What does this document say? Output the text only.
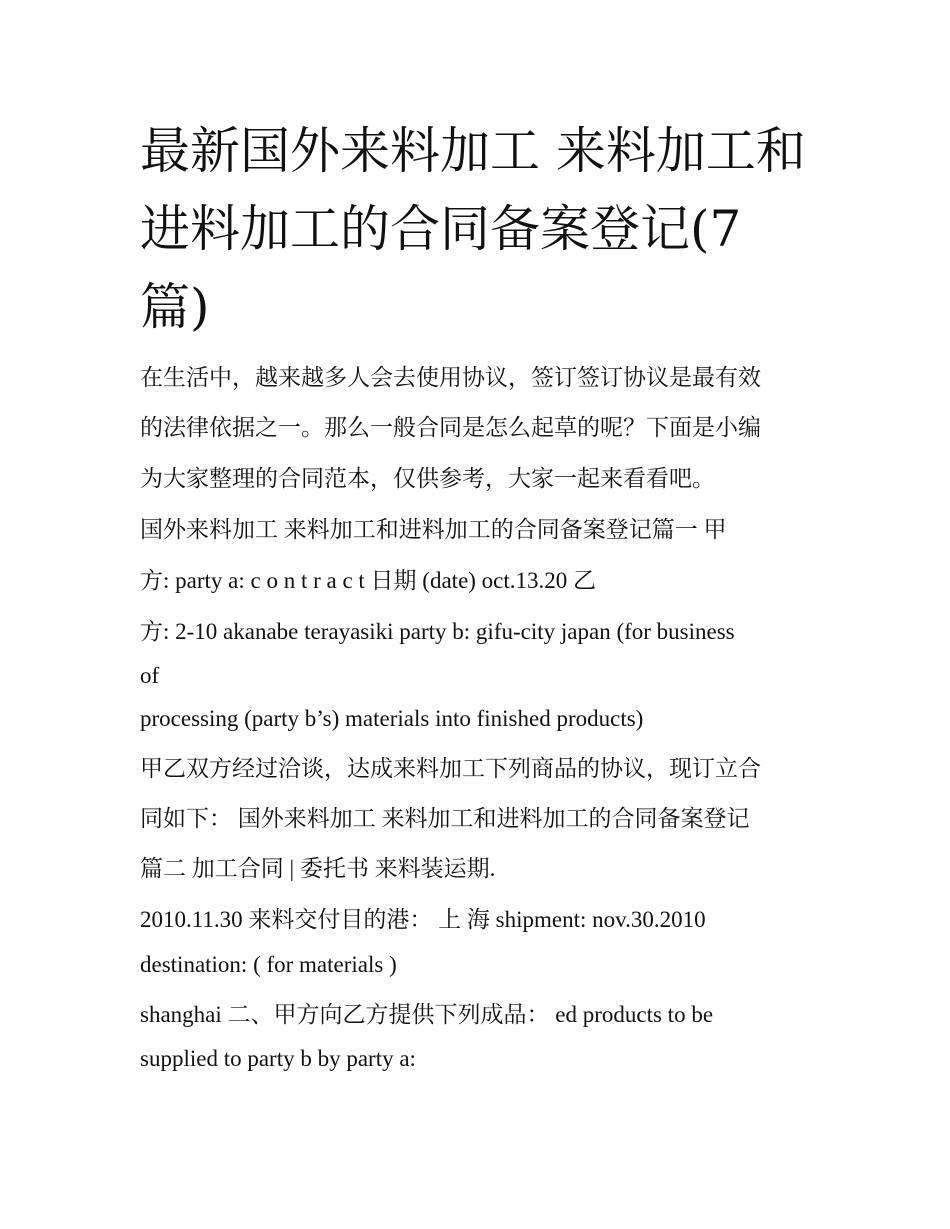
最新国外来料加工 来料加工和
进料加工的合同备案登记(7
篇)

在生活中，越来越多人会去使用协议，签订签订协议是最有效

的法律依据之一。那么一般合同是怎么起草的呢？下面是小编

为大家整理的合同范本，仅供参考，大家一起来看看吧。

国外来料加工 来料加工和进料加工的合同备案登记篇一 甲

方: party a: c o n t r a c t 日期 (date) oct.13.20 乙

方: 2-10 akanabe terayasiki party b: gifu-city japan (for business

of

processing (party b’s) materials into finished products)

甲乙双方经过洽谈，达成来料加工下列商品的协议，现订立合

同如下： 国外来料加工 来料加工和进料加工的合同备案登记

篇二 加工合同 | 委托书 来料装运期.

2010.11.30 来料交付目的港： 上 海 shipment: nov.30.2010

destination: ( for materials )

shanghai 二、甲方向乙方提供下列成品： ed products to be

supplied to party b by party a:
